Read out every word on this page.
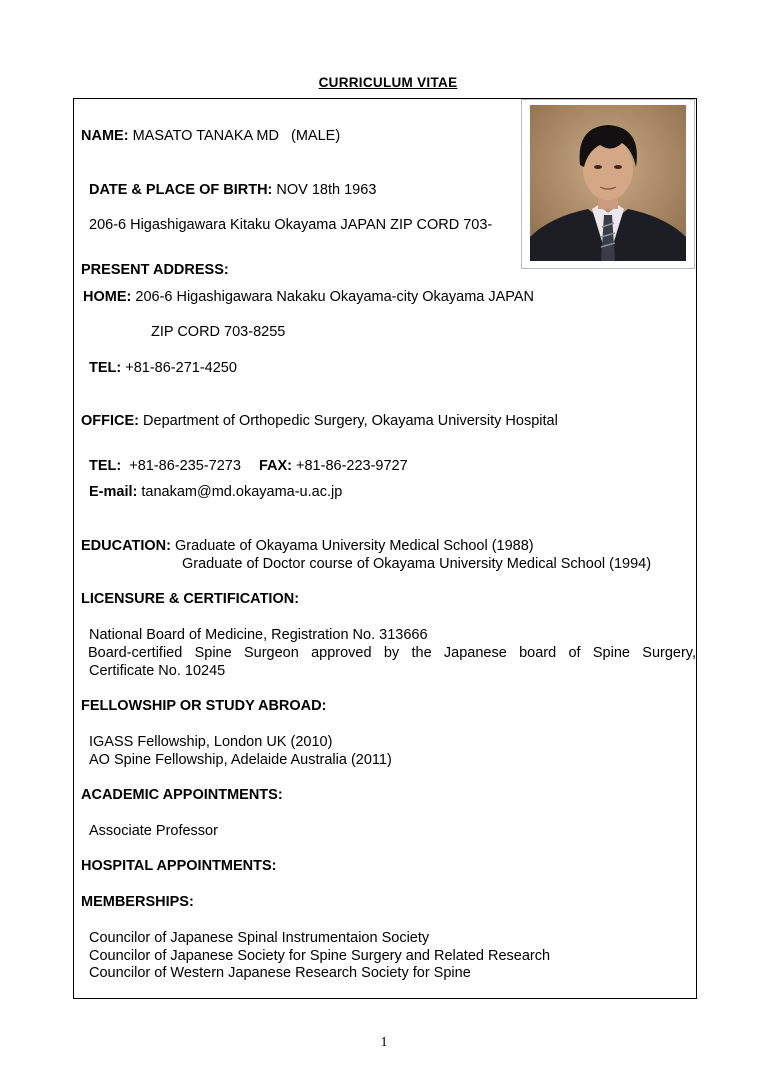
CURRICULUM VITAE
NAME: MASATO TANAKA MD   (MALE)
DATE & PLACE OF BIRTH: NOV 18th 1963
206-6 Higashigawara Kitaku Okayama JAPAN ZIP CORD 703-
PRESENT ADDRESS:
HOME: 206-6 Higashigawara Nakaku Okayama-city Okayama JAPAN
ZIP CORD 703-8255
TEL: +81-86-271-4250
OFFICE: Department of Orthopedic Surgery, Okayama University Hospital
TEL: +81-86-235-7273 FAX: +81-86-223-9727
E-mail: tanakam@md.okayama-u.ac.jp
EDUCATION: Graduate of Okayama University Medical School (1988)
Graduate of Doctor course of Okayama University Medical School (1994)
LICENSURE & CERTIFICATION:
National Board of Medicine, Registration No. 313666
Board-certified Spine Surgeon approved by the Japanese board of Spine Surgery,
Certificate No. 10245
FELLOWSHIP OR STUDY ABROAD:
IGASS Fellowship, London UK (2010)
AO Spine Fellowship, Adelaide Australia (2011)
ACADEMIC APPOINTMENTS:
Associate Professor
HOSPITAL APPOINTMENTS:
MEMBERSHIPS:
Councilor of Japanese Spinal Instrumentaion Society
Councilor of Japanese Society for Spine Surgery and Related Research
Councilor of Western Japanese Research Society for Spine
1
